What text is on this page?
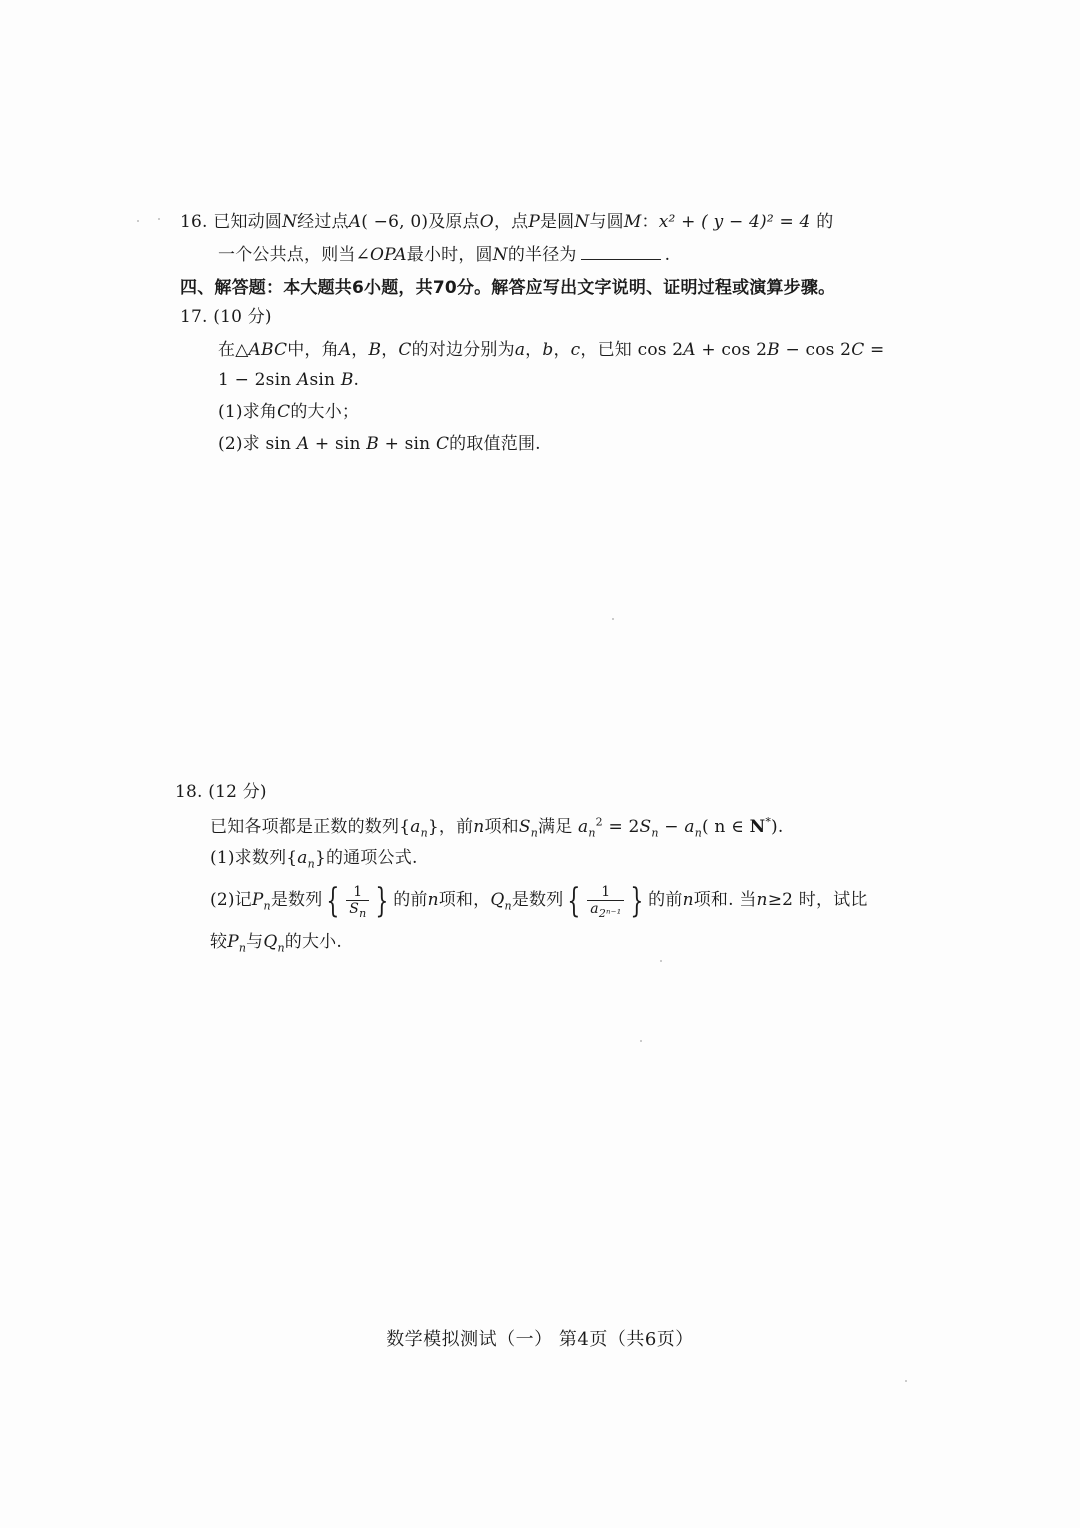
16. 已知动圆N经过点A( −6, 0)及原点O，点P是圆N与圆M：x² + ( y − 4)² = 4 的
一个公共点，则当∠OPA最小时，圆N的半径为	.
四、解答题：本大题共6小题，共70分。解答应写出文字说明、证明过程或演算步骤。
17. (10 分)
在△ABC中，角A，B，C的对边分别为a，b，c，已知 cos 2A + cos 2B − cos 2C =
1 − 2sin Asin B.
(1)求角C的大小；
(2)求 sin A + sin B + sin C的取值范围.
18. (12 分)
已知各项都是正数的数列$\{a_n\}$，前n项和$S_n$满足 $a_n^2 = 2S_n - a_n$( n ∈ N*).
(1)求数列$\{a_n\}$的通项公式.
(2)记$P_n$是数列 { $\frac{1}{S_n}$ } 的前n项和，$Q_n$是数列 { $\frac{1}{a_{2^{n-1}}}$ } 的前n项和. 当n≥2 时，试比
较$P_n$与$Q_n$的大小.
数学模拟测试（一） 第4页（共6页）
